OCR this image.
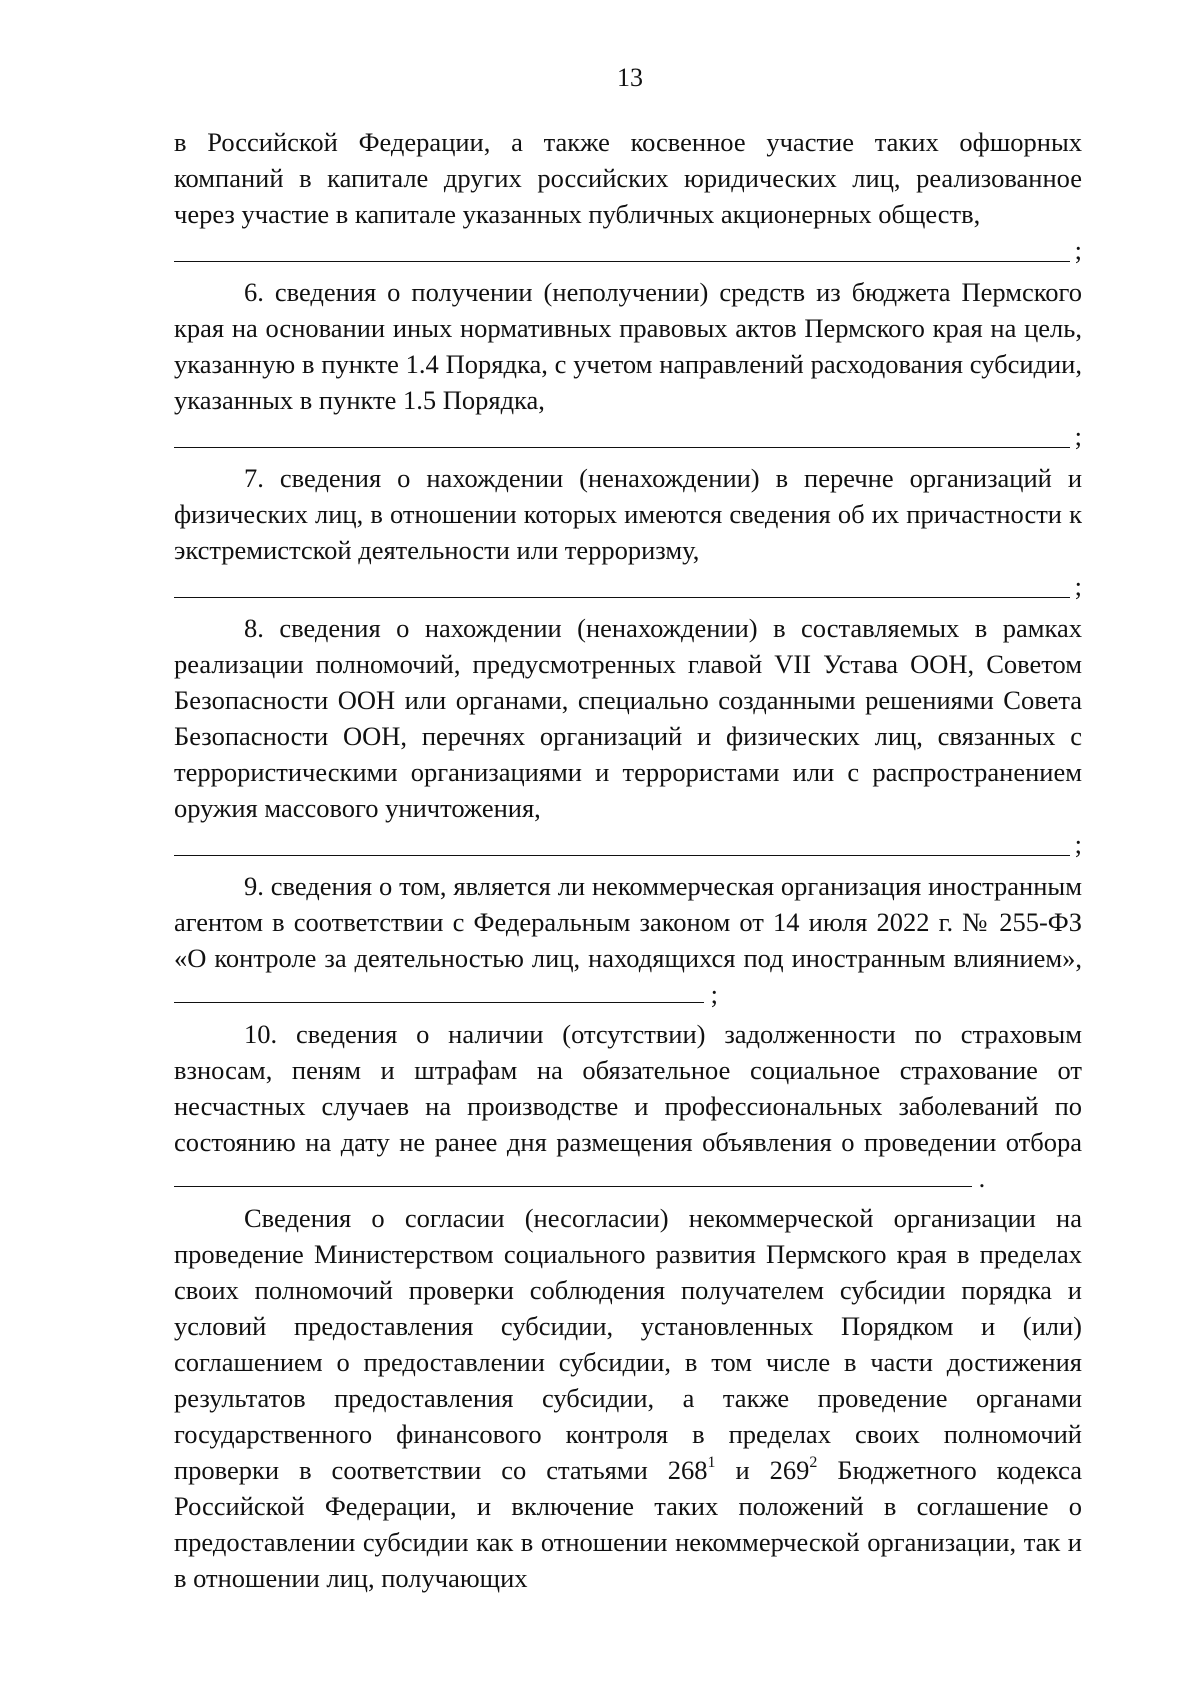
13

в Российской Федерации, а также косвенное участие таких офшорных компаний в капитале других российских юридических лиц, реализованное через участие в капитале указанных публичных акционерных обществ,

;

6. сведения о получении (неполучении) средств из бюджета Пермского края на основании иных нормативных правовых актов Пермского края на цель, указанную в пункте 1.4 Порядка, с учетом направлений расходования субсидии, указанных в пункте 1.5 Порядка,

;

7. сведения о нахождении (ненахождении) в перечне организаций и физических лиц, в отношении которых имеются сведения об их причастности к экстремистской деятельности или терроризму,

;

8. сведения о нахождении (ненахождении) в составляемых в рамках реализации полномочий, предусмотренных главой VII Устава ООН, Советом Безопасности ООН или органами, специально созданными решениями Совета Безопасности ООН, перечнях организаций и физических лиц, связанных с террористическими организациями и террористами или с распространением оружия массового уничтожения,

;

9. сведения о том, является ли некоммерческая организация иностранным агентом в соответствии с Федеральным законом от 14 июля 2022 г. № 255-ФЗ «О контроле за деятельностью лиц, находящихся под иностранным влиянием»,  ;

10. сведения о наличии (отсутствии) задолженности по страховым взносам, пеням и штрафам на обязательное социальное страхование от несчастных случаев на производстве и профессиональных заболеваний по состоянию на дату не ранее дня размещения объявления о проведении отбора  .

Сведения о согласии (несогласии) некоммерческой организации на проведение Министерством социального развития Пермского края в пределах своих полномочий проверки соблюдения получателем субсидии порядка и условий предоставления субсидии, установленных Порядком и (или) соглашением о предоставлении субсидии, в том числе в части достижения результатов предоставления субсидии, а также проведение органами государственного финансового контроля в пределах своих полномочий проверки в соответствии со статьями $268^1$ и $269^2$ Бюджетного кодекса Российской Федерации, и включение таких положений в соглашение о предоставлении субсидии как в отношении некоммерческой организации, так и в отношении лиц, получающих
